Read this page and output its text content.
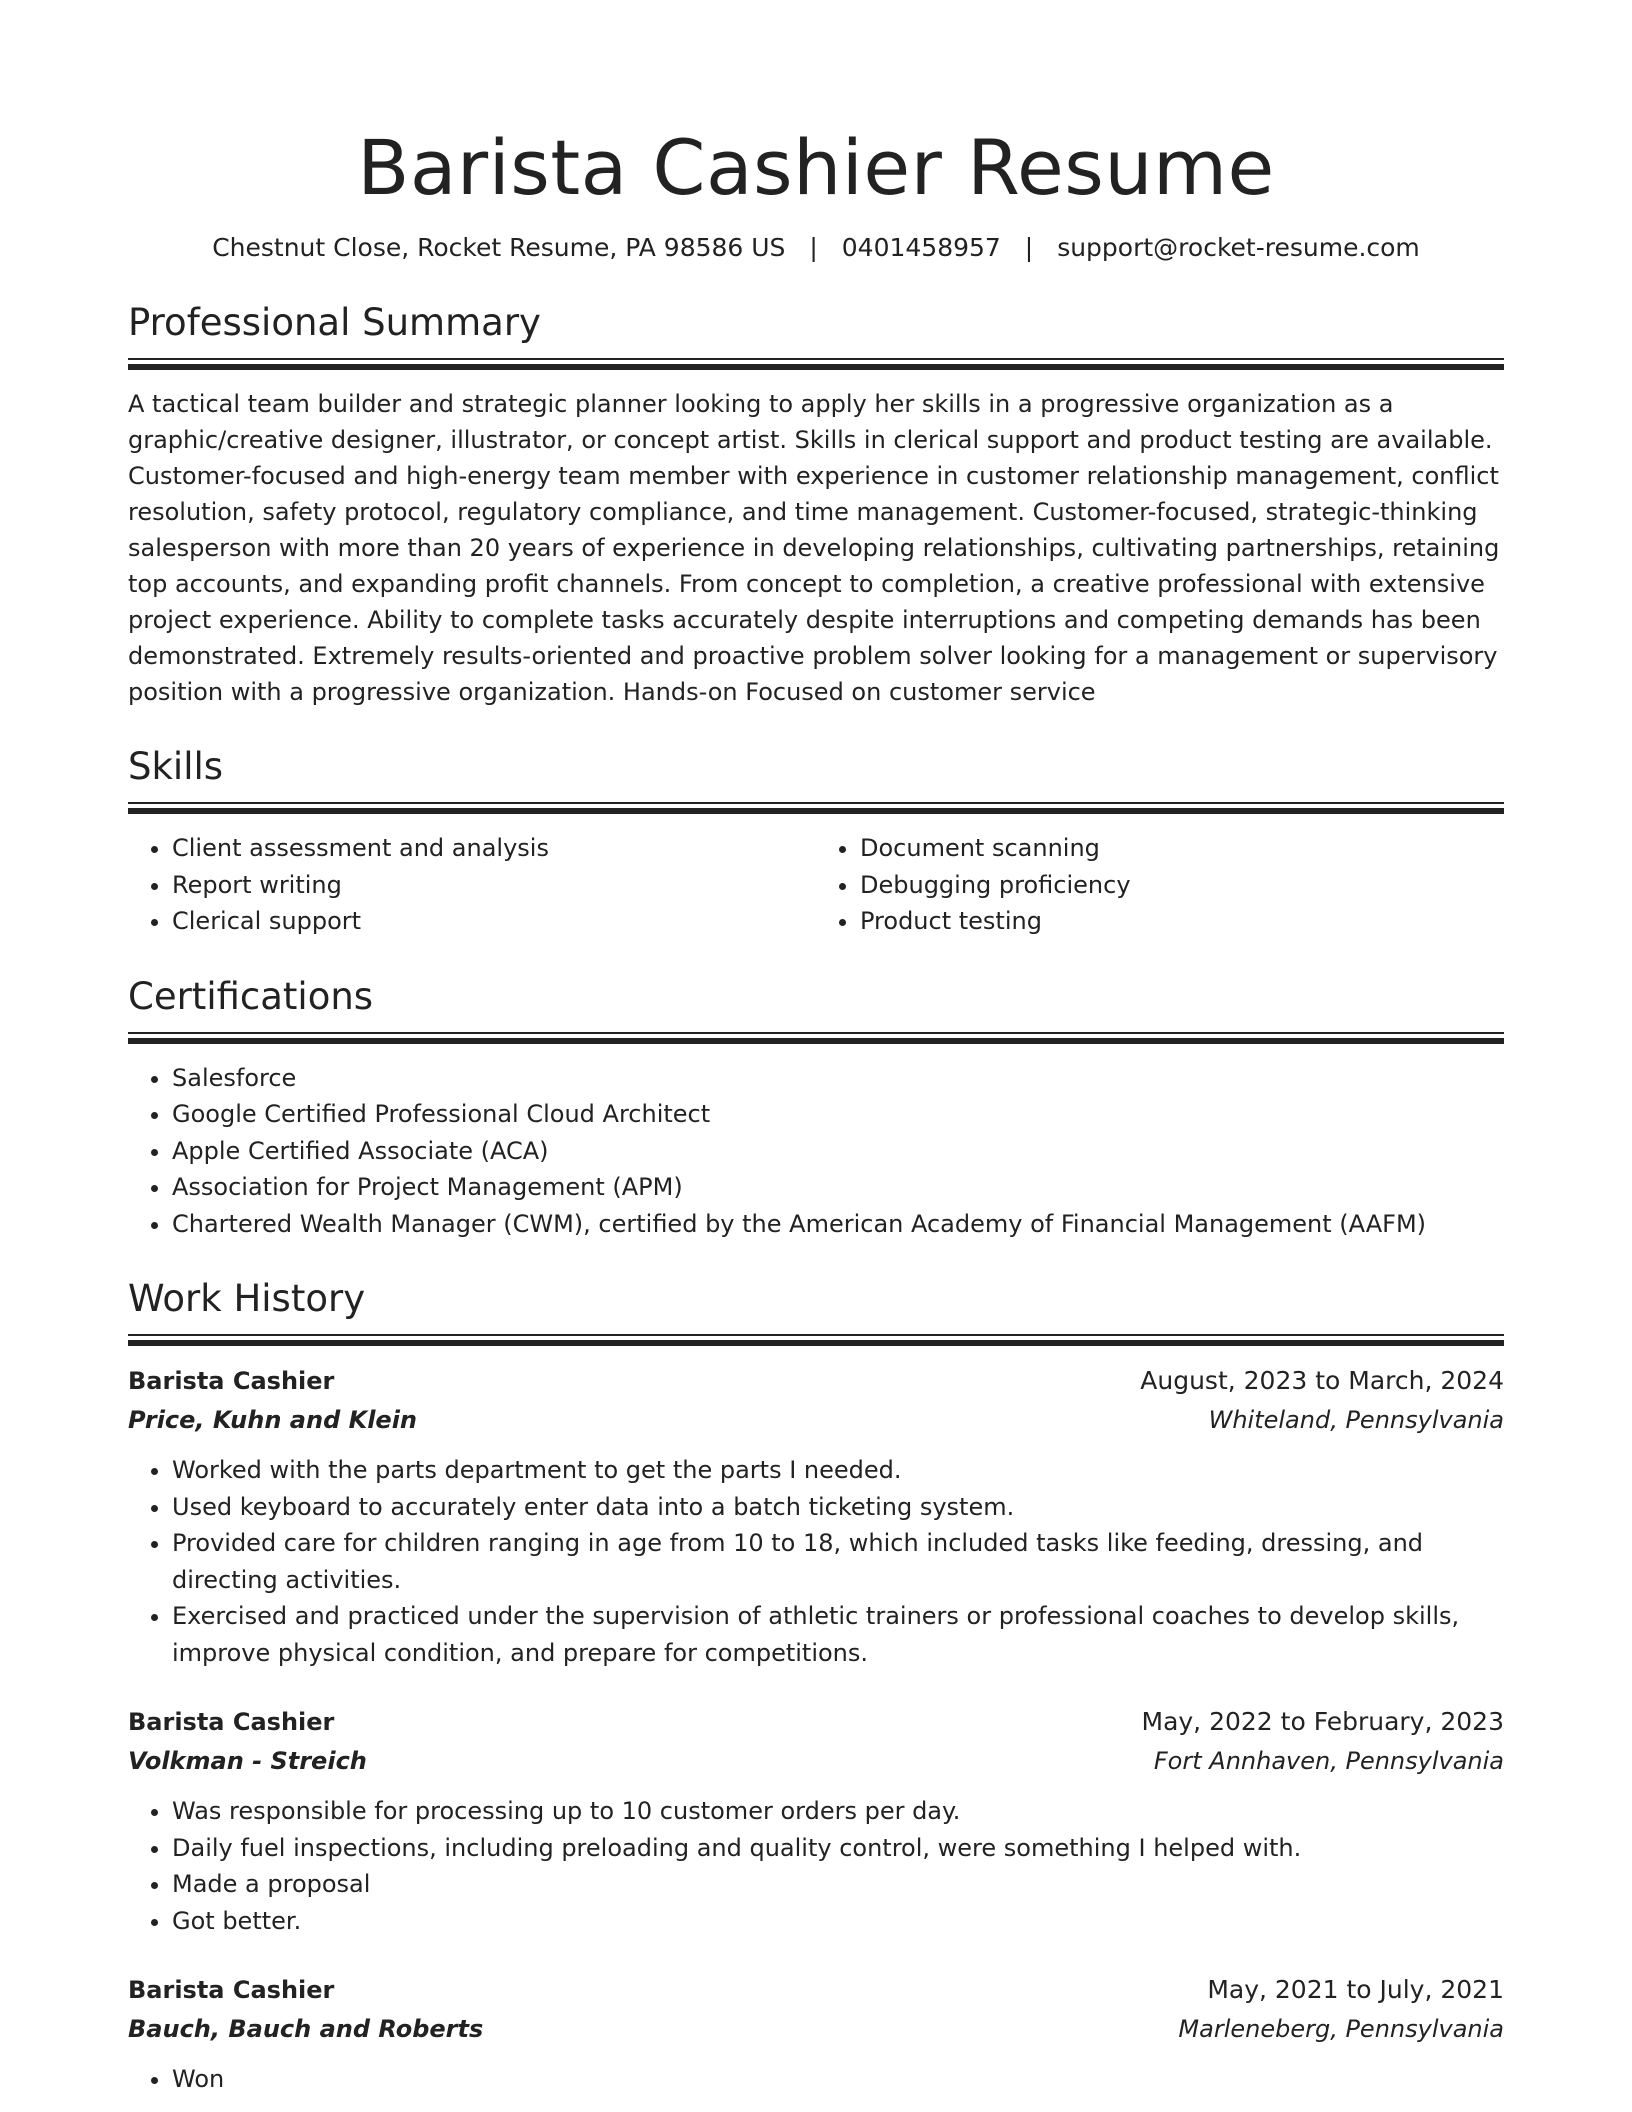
Barista Cashier Resume
Chestnut Close, Rocket Resume, PA 98586 US | 0401458957 | support@rocket-resume.com
Professional Summary

A tactical team builder and strategic planner looking to apply her skills in a progressive organization as a graphic/creative designer, illustrator, or concept artist. Skills in clerical support and product testing are available. Customer-focused and high-energy team member with experience in customer relationship management, conflict resolution, safety protocol, regulatory compliance, and time management. Customer-focused, strategic-thinking salesperson with more than 20 years of experience in developing relationships, cultivating partnerships, retaining top accounts, and expanding profit channels. From concept to completion, a creative professional with extensive project experience. Ability to complete tasks accurately despite interruptions and competing demands has been demonstrated. Extremely results-oriented and proactive problem solver looking for a management or supervisory position with a progressive organization. Hands-on Focused on customer service

Skills
• Client assessment and analysis
• Report writing
• Clerical support
• Document scanning
• Debugging proficiency
• Product testing
Certifications
• Salesforce
• Google Certified Professional Cloud Architect
• Apple Certified Associate (ACA)
• Association for Project Management (APM)
• Chartered Wealth Manager (CWM), certified by the American Academy of Financial Management (AAFM)
Work History
Barista Cashier	August, 2023 to March, 2024
Price, Kuhn and Klein	Whiteland, Pennsylvania
• Worked with the parts department to get the parts I needed.
• Used keyboard to accurately enter data into a batch ticketing system.
• Provided care for children ranging in age from 10 to 18, which included tasks like feeding, dressing, and directing activities.
• Exercised and practiced under the supervision of athletic trainers or professional coaches to develop skills, improve physical condition, and prepare for competitions.
Barista Cashier	May, 2022 to February, 2023
Volkman - Streich	Fort Annhaven, Pennsylvania
• Was responsible for processing up to 10 customer orders per day.
• Daily fuel inspections, including preloading and quality control, were something I helped with.
• Made a proposal
• Got better.
Barista Cashier	May, 2021 to July, 2021
Bauch, Bauch and Roberts	Marleneberg, Pennsylvania
• Won
